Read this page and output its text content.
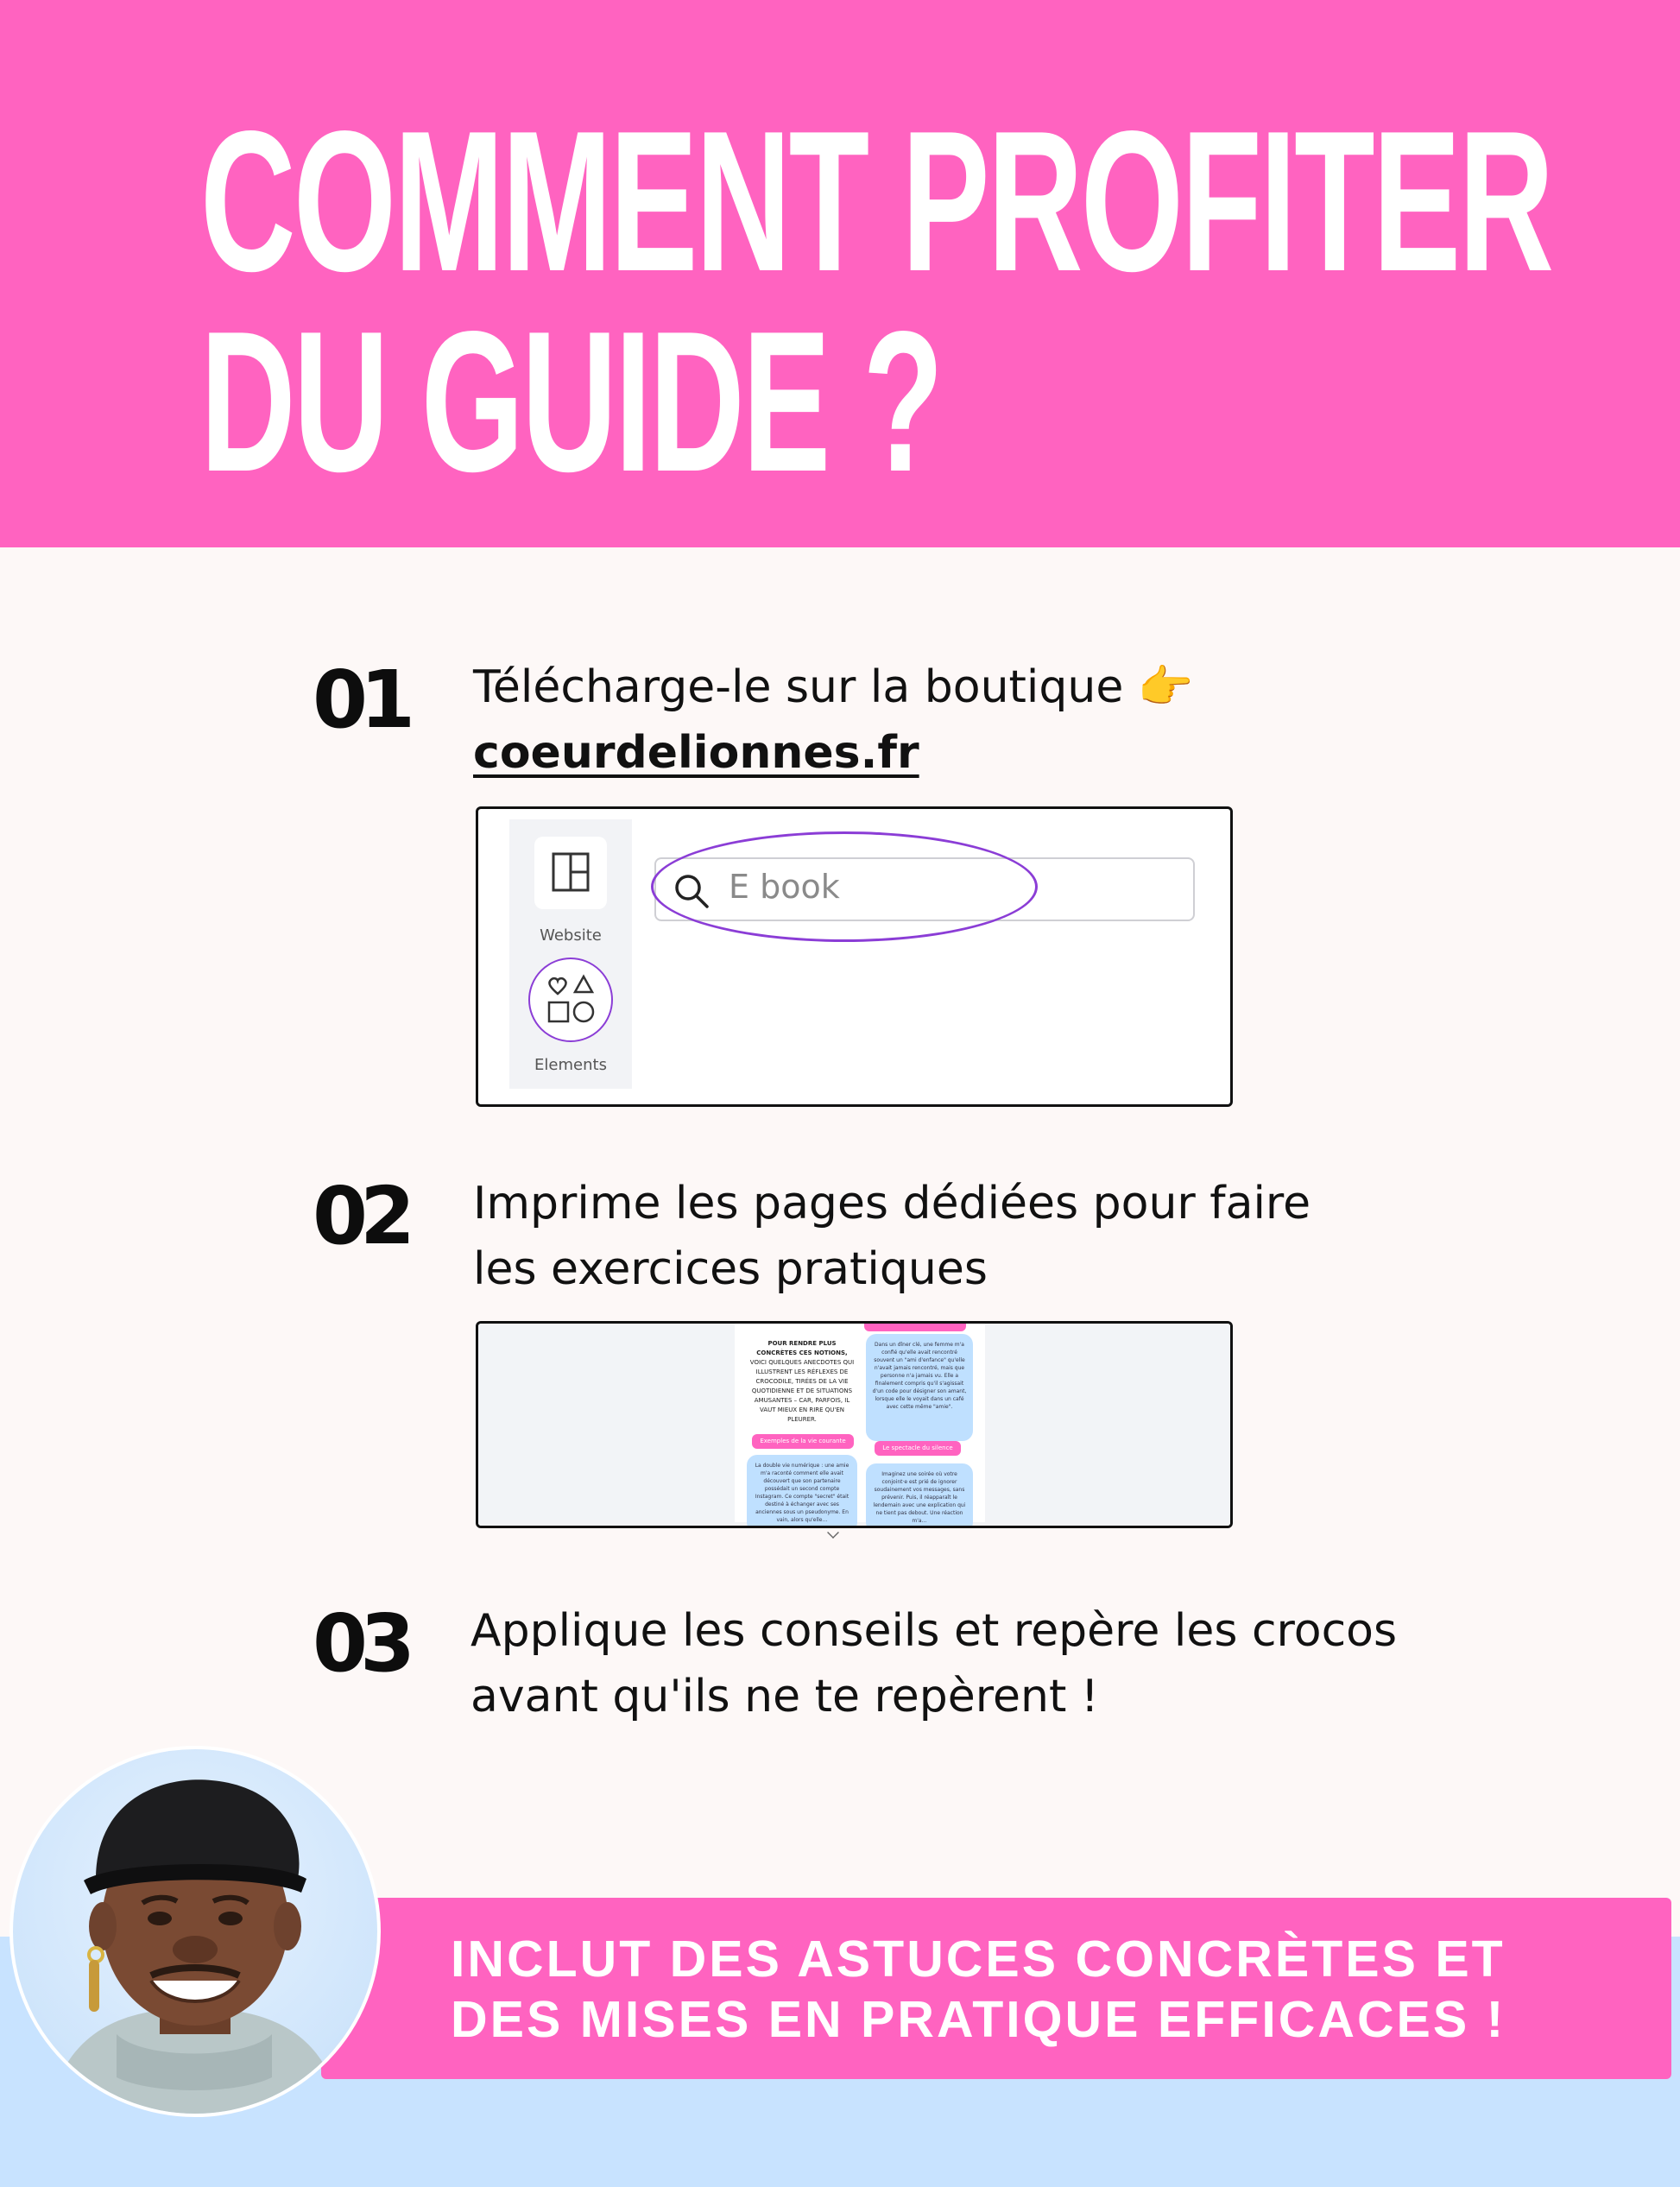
COMMENT PROFITER
DU GUIDE ?
01 Télécharge-le sur la boutique 👉
coeurdelionnes.fr
Website
Elements
E book
02 Imprime les pages dédiées pour faire
les exercices pratiques
POUR RENDRE PLUS CONCRÈTES CES NOTIONS, VOICI QUELQUES ANECDOTES QUI ILLUSTRENT LES RÉFLEXES DE CROCODILE, TIRÉES DE LA VIE QUOTIDIENNE ET DE SITUATIONS AMUSANTES – CAR, PARFOIS, IL VAUT MIEUX EN RIRE QU'EN PLEURER.
Dans un dîner clé, une femme m'a confié qu'elle avait rencontré souvent un "ami d'enfance" qu'elle n'avait jamais rencontré, mais que personne n'a jamais vu. Elle a finalement compris qu'il s'agissait d'un code pour désigner son amant, lorsque elle le voyait dans un café avec cette même "amie".
Exemples de la vie courante
Le spectacle du silence
La double vie numérique : une amie m'a raconté comment elle avait découvert que son partenaire possédait un second compte Instagram. Ce compte "secret" était destiné à échanger avec ses anciennes sous un pseudonyme. En vain, alors qu'elle…
Imaginez une soirée où votre conjoint·e est prié de ignorer soudainement vos messages, sans prévenir. Puis, il réapparaît le lendemain avec une explication qui ne tient pas debout. Une réaction m'a…
03 Applique les conseils et repère les crocos
avant qu'ils ne te repèrent !
INCLUT DES ASTUCES CONCRÈTES ET
DES MISES EN PRATIQUE EFFICACES !
